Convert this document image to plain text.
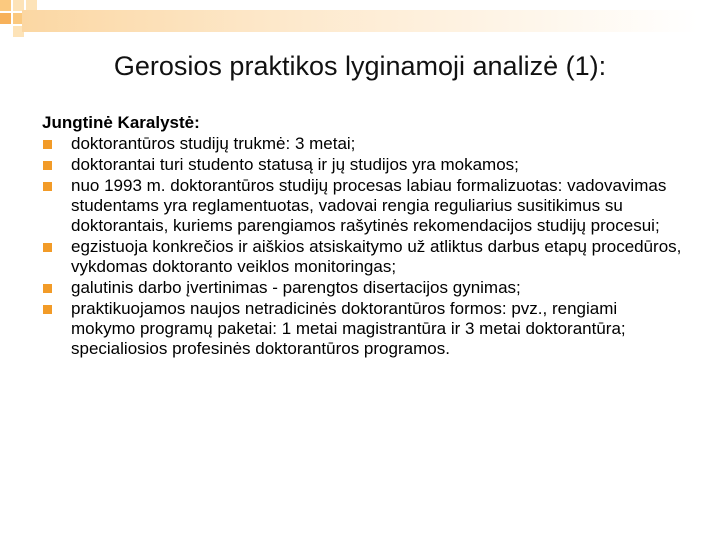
Gerosios praktikos lyginamoji analizė (1):
Jungtinė Karalystė:
doktorantūros studijų trukmė: 3 metai;
doktorantai turi studento statusą ir jų studijos yra mokamos;
nuo 1993 m. doktorantūros studijų procesas labiau formalizuotas: vadovavimas studentams yra reglamentuotas, vadovai rengia reguliarius susitikimus su doktorantais, kuriems parengiamos rašytinės rekomendacijos studijų procesui;
egzistuoja konkrečios ir aiškios atsiskaitymo už atliktus darbus etapų procedūros, vykdomas doktoranto veiklos monitoringas;
galutinis darbo įvertinimas - parengtos disertacijos gynimas;
praktikuojamos naujos netradicinės doktorantūros formos: pvz., rengiami mokymo programų paketai: 1 metai magistrantūra ir 3 metai doktorantūra; specialiosios profesinės doktorantūros programos.
